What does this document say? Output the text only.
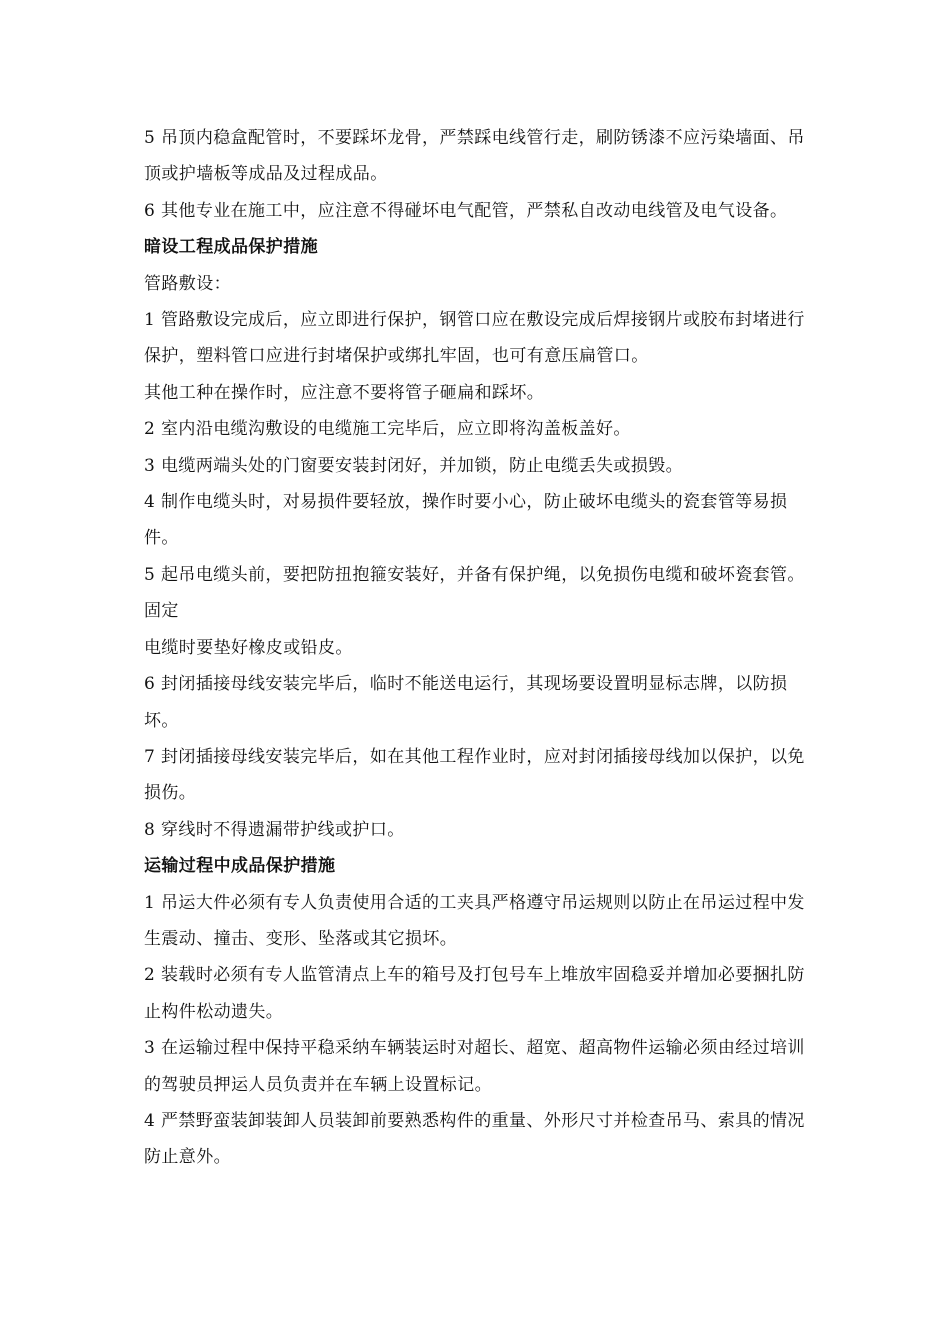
5 吊顶内稳盒配管时，不要踩坏龙骨，严禁踩电线管行走，刷防锈漆不应污染墙面、吊顶或护墙板等成品及过程成品。

6 其他专业在施工中，应注意不得碰坏电气配管，严禁私自改动电线管及电气设备。

暗设工程成品保护措施

管路敷设：

1 管路敷设完成后，应立即进行保护，钢管口应在敷设完成后焊接钢片或胶布封堵进行保护，塑料管口应进行封堵保护或绑扎牢固，也可有意压扁管口。

其他工种在操作时，应注意不要将管子砸扁和踩坏。

2 室内沿电缆沟敷设的电缆施工完毕后，应立即将沟盖板盖好。

3 电缆两端头处的门窗要安装封闭好，并加锁，防止电缆丢失或损毁。

4 制作电缆头时，对易损件要轻放，操作时要小心，防止破坏电缆头的瓷套管等易损件。

5 起吊电缆头前，要把防扭抱箍安装好，并备有保护绳，以免损伤电缆和破坏瓷套管。固定

电缆时要垫好橡皮或铅皮。

6 封闭插接母线安装完毕后，临时不能送电运行，其现场要设置明显标志牌，以防损坏。

7 封闭插接母线安装完毕后，如在其他工程作业时，应对封闭插接母线加以保护，以免损伤。

8 穿线时不得遗漏带护线或护口。

运输过程中成品保护措施

1 吊运大件必须有专人负责使用合适的工夹具严格遵守吊运规则以防止在吊运过程中发生震动、撞击、变形、坠落或其它损坏。

2 装载时必须有专人监管清点上车的箱号及打包号车上堆放牢固稳妥并增加必要捆扎防止构件松动遗失。

3 在运输过程中保持平稳采纳车辆装运时对超长、超宽、超高物件运输必须由经过培训的驾驶员押运人员负责并在车辆上设置标记。

4 严禁野蛮装卸装卸人员装卸前要熟悉构件的重量、外形尺寸并检查吊马、索具的情况防止意外。
